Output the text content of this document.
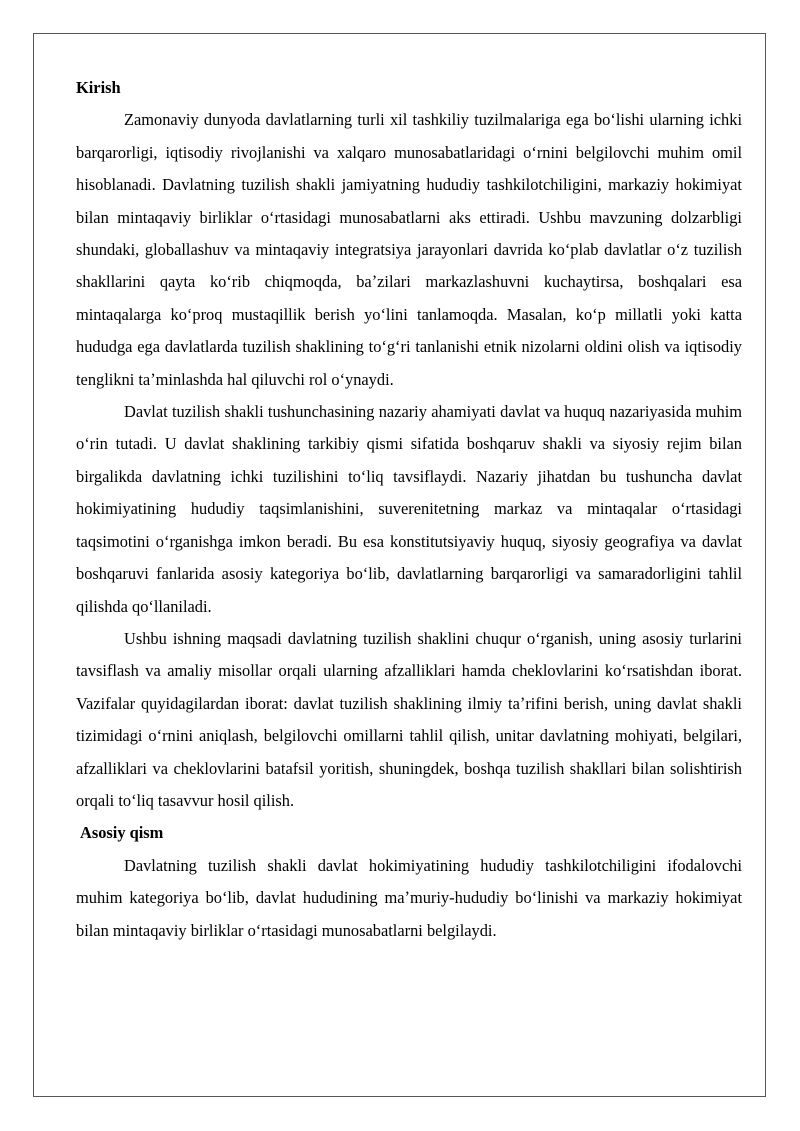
Kirish

Zamonaviy dunyoda davlatlarning turli xil tashkiliy tuzilmalariga ega boʻlishi ularning ichki barqarorligi, iqtisodiy rivojlanishi va xalqaro munosabatlaridagi oʻrnini belgilovchi muhim omil hisoblanadi. Davlatning tuzilish shakli jamiyatning hududiy tashkilotchiligini, markaziy hokimiyat bilan mintaqaviy birliklar oʻrtasidagi munosabatlarni aks ettiradi. Ushbu mavzuning dolzarbligi shundaki, globallashuv va mintaqaviy integratsiya jarayonlari davrida koʻplab davlatlar oʻz tuzilish shakllarini qayta koʻrib chiqmoqda, baʼzilari markazlashuvni kuchaytirsa, boshqalari esa mintaqalarga koʻproq mustaqillik berish yoʻlini tanlamoqda. Masalan, koʻp millatli yoki katta hududga ega davlatlarda tuzilish shaklining toʻgʻri tanlanishi etnik nizolarni oldini olish va iqtisodiy tenglikni taʼminlashda hal qiluvchi rol oʻynaydi.

Davlat tuzilish shakli tushunchasining nazariy ahamiyati davlat va huquq nazariyasida muhim oʻrin tutadi. U davlat shaklining tarkibiy qismi sifatida boshqaruv shakli va siyosiy rejim bilan birgalikda davlatning ichki tuzilishini toʻliq tavsiflaydi. Nazariy jihatdan bu tushuncha davlat hokimiyatining hududiy taqsimlanishini, suverenitetning markaz va mintaqalar oʻrtasidagi taqsimotini oʻrganishga imkon beradi. Bu esa konstitutsiyaviy huquq, siyosiy geografiya va davlat boshqaruvi fanlarida asosiy kategoriya boʻlib, davlatlarning barqarorligi va samaradorligini tahlil qilishda qoʻllaniladi.

Ushbu ishning maqsadi davlatning tuzilish shaklini chuqur oʻrganish, uning asosiy turlarini tavsiflash va amaliy misollar orqali ularning afzalliklari hamda cheklovlarini koʻrsatishdan iborat. Vazifalar quyidagilardan iborat: davlat tuzilish shaklining ilmiy taʼrifini berish, uning davlat shakli tizimidagi oʻrnini aniqlash, belgilovchi omillarni tahlil qilish, unitar davlatning mohiyati, belgilari, afzalliklari va cheklovlarini batafsil yoritish, shuningdek, boshqa tuzilish shakllari bilan solishtirish orqali toʻliq tasavvur hosil qilish.

Asosiy qism

Davlatning tuzilish shakli davlat hokimiyatining hududiy tashkilotchiligini ifodalovchi muhim kategoriya boʻlib, davlat hududining maʼmuriy-hududiy boʻlinishi va markaziy hokimiyat bilan mintaqaviy birliklar oʻrtasidagi munosabatlarni belgilaydi.
